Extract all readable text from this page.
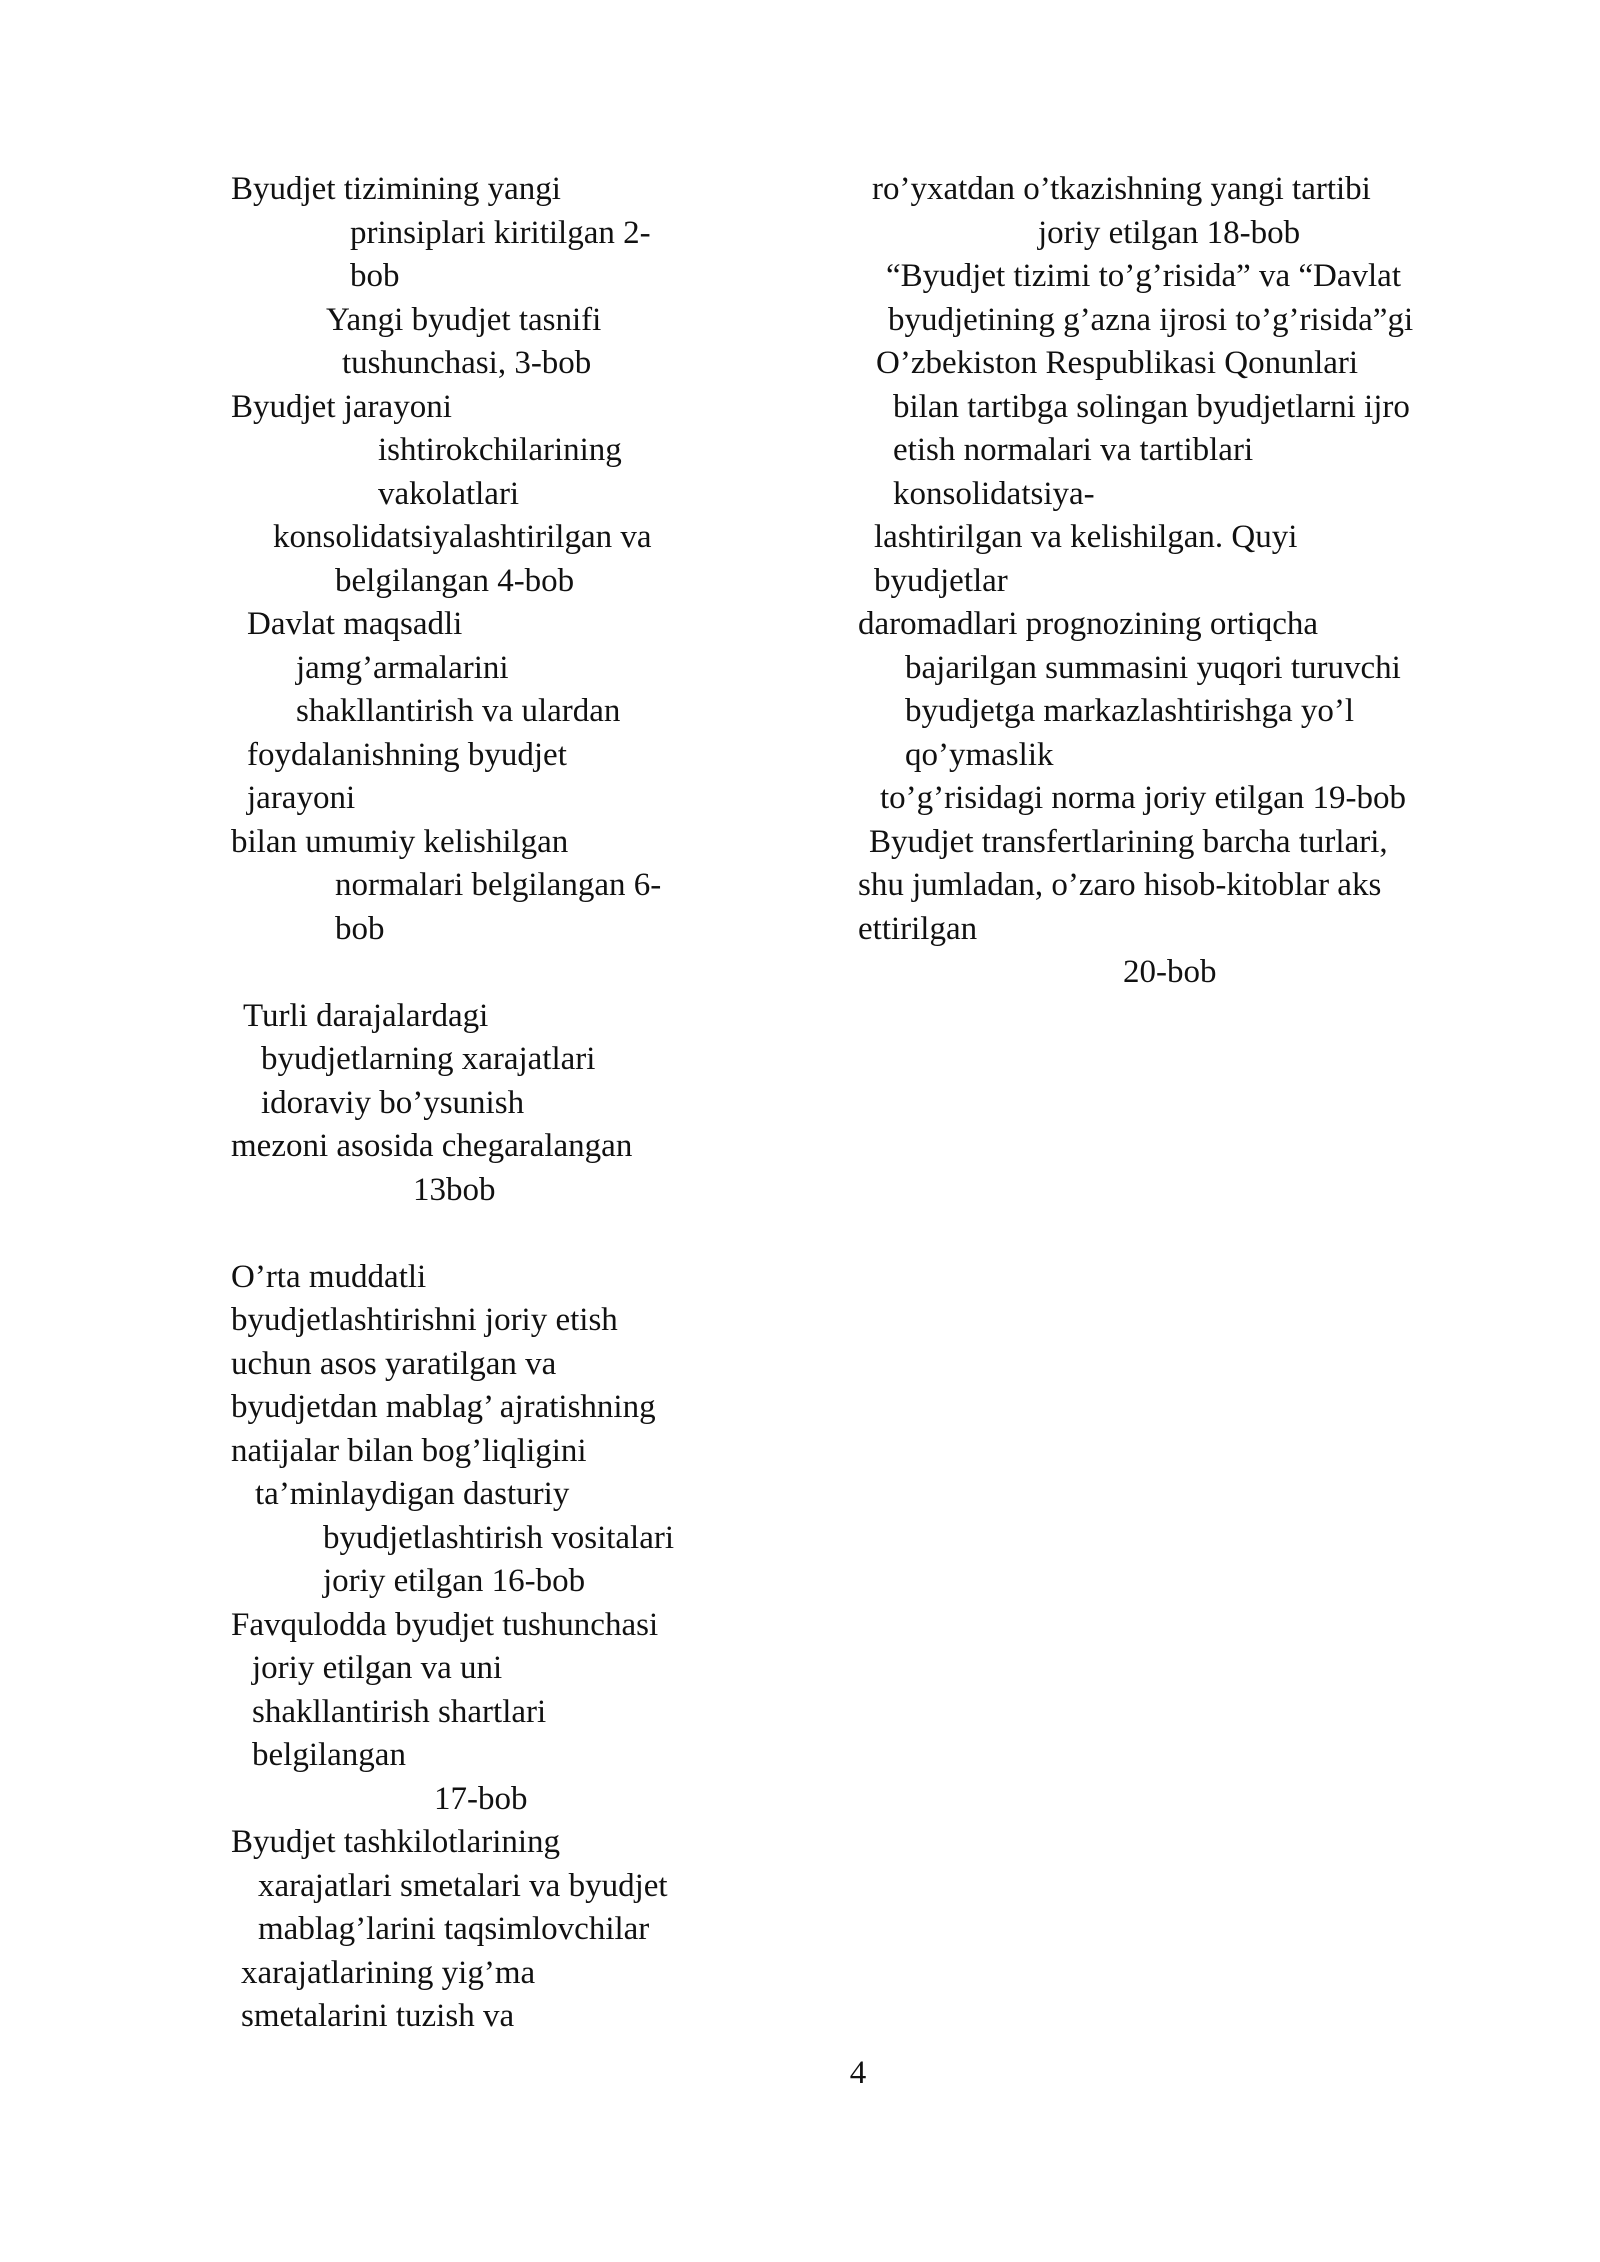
Byudjet tizimining yangi
prinsiplari kiritilgan 2-
bob
Yangi byudjet tasnifi
tushunchasi, 3-bob
Byudjet jarayoni
ishtirokchilarining
vakolatlari
konsolidatsiyalashtirilgan va
belgilangan 4-bob
Davlat maqsadli
jamg’armalarini
shakllantirish va ulardan
foydalanishning byudjet
jarayoni
bilan umumiy kelishilgan
normalari belgilangan 6-
bob
Turli darajalardagi
byudjetlarning xarajatlari
idoraviy bo’ysunish
mezoni asosida chegaralangan
13bob
O’rta muddatli
byudjetlashtirishni joriy etish
uchun asos yaratilgan va
byudjetdan mablag’ ajratishning
natijalar bilan bog’liqligini
ta’minlaydigan dasturiy
byudjetlashtirish vositalari
joriy etilgan 16-bob
Favqulodda byudjet tushunchasi
joriy etilgan va uni
shakllantirish shartlari
belgilangan
17-bob
Byudjet tashkilotlarining
xarajatlari smetalari va byudjet
mablag’larini taqsimlovchilar
xarajatlarining yig’ma
smetalarini tuzish va
ro’yxatdan o’tkazishning yangi tartibi
joriy etilgan 18-bob
“Byudjet tizimi to’g’risida” va “Davlat
byudjetining g’azna ijrosi to’g’risida”gi
O’zbekiston Respublikasi Qonunlari
bilan tartibga solingan byudjetlarni ijro
etish normalari va tartiblari
konsolidatsiya-
lashtirilgan va kelishilgan. Quyi
byudjetlar
daromadlari prognozining ortiqcha
bajarilgan summasini yuqori turuvchi
byudjetga markazlashtirishga yo’l
qo’ymaslik
to’g’risidagi norma joriy etilgan 19-bob
Byudjet transfertlarining barcha turlari,
shu jumladan, o’zaro hisob-kitoblar aks
ettirilgan
20-bob
4
